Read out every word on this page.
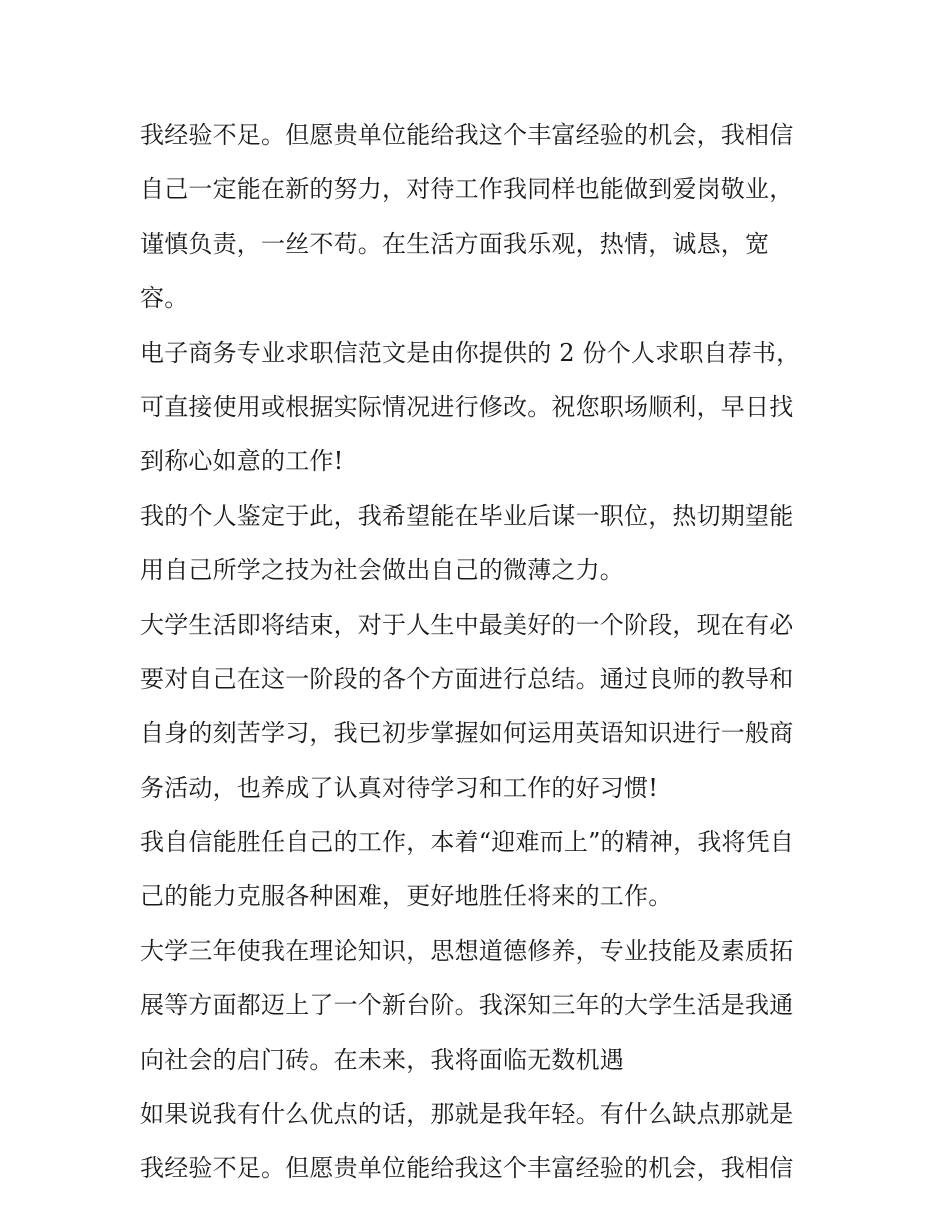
我经验不足。但愿贵单位能给我这个丰富经验的机会，我相信
自己一定能在新的努力，对待工作我同样也能做到爱岗敬业，
谨慎负责，一丝不苟。在生活方面我乐观，热情，诚恳，宽
容。
电子商务专业求职信范文是由你提供的 2 份个人求职自荐书，
可直接使用或根据实际情况进行修改。祝您职场顺利，早日找
到称心如意的工作!
我的个人鉴定于此，我希望能在毕业后谋一职位，热切期望能
用自己所学之技为社会做出自己的微薄之力。
大学生活即将结束，对于人生中最美好的一个阶段，现在有必
要对自己在这一阶段的各个方面进行总结。通过良师的教导和
自身的刻苦学习，我已初步掌握如何运用英语知识进行一般商
务活动，也养成了认真对待学习和工作的好习惯!
我自信能胜任自己的工作，本着“迎难而上”的精神，我将凭自
己的能力克服各种困难，更好地胜任将来的工作。
大学三年使我在理论知识，思想道德修养，专业技能及素质拓
展等方面都迈上了一个新台阶。我深知三年的大学生活是我通
向社会的启门砖。在未来，我将面临无数机遇
如果说我有什么优点的话，那就是我年轻。有什么缺点那就是
我经验不足。但愿贵单位能给我这个丰富经验的机会，我相信
